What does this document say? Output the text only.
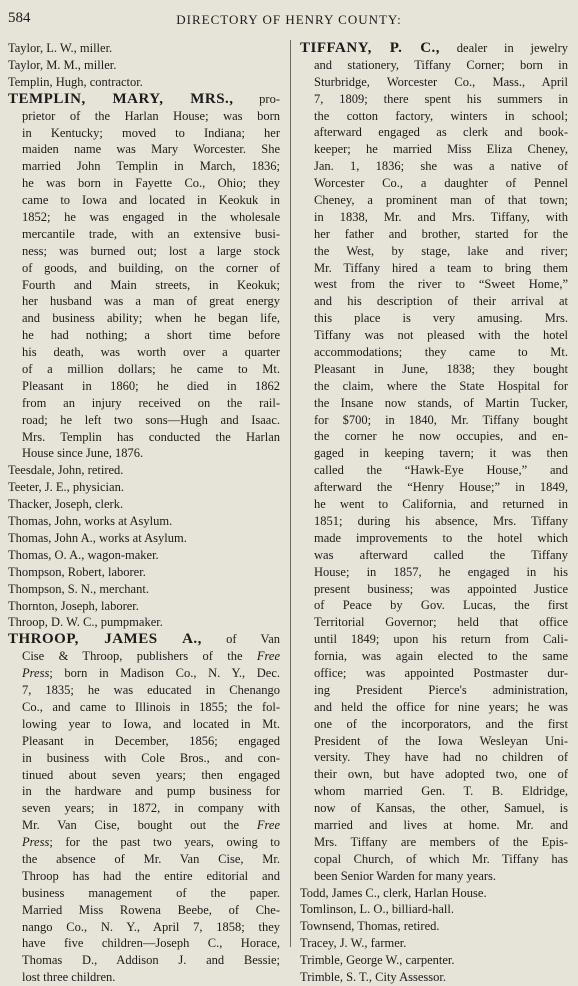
584	DIRECTORY OF HENRY COUNTY:
Taylor, L. W., miller.
Taylor, M. M., miller.
Templin, Hugh, contractor.
TEMPLIN, MARY, MRS., pro-
prietor of the Harlan House; was born
in Kentucky; moved to Indiana; her
maiden name was Mary Worcester. She
married John Templin in March, 1836;
he was born in Fayette Co., Ohio; they
came to Iowa and located in Keokuk in
1852; he was engaged in the wholesale
mercantile trade, with an extensive busi-
ness; was burned out; lost a large stock
of goods, and building, on the corner of
Fourth and Main streets, in Keokuk;
her husband was a man of great energy
and business ability; when he began life,
he had nothing; a short time before
his death, was worth over a quarter
of a million dollars; he came to Mt.
Pleasant in 1860; he died in 1862
from an injury received on the rail-
road; he left two sons—Hugh and Isaac.
Mrs. Templin has conducted the Harlan
House since June, 1876.
Teesdale, John, retired.
Teeter, J. E., physician.
Thacker, Joseph, clerk.
Thomas, John, works at Asylum.
Thomas, John A., works at Asylum.
Thomas, O. A., wagon-maker.
Thompson, Robert, laborer.
Thompson, S. N., merchant.
Thornton, Joseph, laborer.
Throop, D. W. C., pumpmaker.
THROOP, JAMES A., of Van
Cise & Throop, publishers of the Free
Press; born in Madison Co., N. Y., Dec.
7, 1835; he was educated in Chenango
Co., and came to Illinois in 1855; the fol-
lowing year to Iowa, and located in Mt.
Pleasant in December, 1856; engaged
in business with Cole Bros., and con-
tinued about seven years; then engaged
in the hardware and pump business for
seven years; in 1872, in company with
Mr. Van Cise, bought out the Free
Press; for the past two years, owing to
the absence of Mr. Van Cise, Mr.
Throop has had the entire editorial and
business management of the paper.
Married Miss Rowena Beebe, of Che-
nango Co., N. Y., April 7, 1858; they
have five children—Joseph C., Horace,
Thomas D., Addison J. and Bessie;
lost three children.
TIFFANY, P. C., dealer in jewelry
and stationery, Tiffany Corner; born in
Sturbridge, Worcester Co., Mass., April
7, 1809; there spent his summers in
the cotton factory, winters in school;
afterward engaged as clerk and book-
keeper; he married Miss Eliza Cheney,
Jan. 1, 1836; she was a native of
Worcester Co., a daughter of Pennel
Cheney, a prominent man of that town;
in 1838, Mr. and Mrs. Tiffany, with
her father and brother, started for the
the West, by stage, lake and river;
Mr. Tiffany hired a team to bring them
west from the river to “Sweet Home,”
and his description of their arrival at
this place is very amusing. Mrs.
Tiffany was not pleased with the hotel
accommodations; they came to Mt.
Pleasant in June, 1838; they bought
the claim, where the State Hospital for
the Insane now stands, of Martin Tucker,
for $700; in 1840, Mr. Tiffany bought
the corner he now occupies, and en-
gaged in keeping tavern; it was then
called the “Hawk-Eye House,” and
afterward the “Henry House;” in 1849,
he went to California, and returned in
1851; during his absence, Mrs. Tiffany
made improvements to the hotel which
was afterward called the Tiffany
House; in 1857, he engaged in his
present business; was appointed Justice
of Peace by Gov. Lucas, the first
Territorial Governor; held that office
until 1849; upon his return from Cali-
fornia, was again elected to the same
office; was appointed Postmaster dur-
ing President Pierce's administration,
and held the office for nine years; he was
one of the incorporators, and the first
President of the Iowa Wesleyan Uni-
versity. They have had no children of
their own, but have adopted two, one of
whom married Gen. T. B. Eldridge,
now of Kansas, the other, Samuel, is
married and lives at home. Mr. and
Mrs. Tiffany are members of the Epis-
copal Church, of which Mr. Tiffany has
been Senior Warden for many years.
Todd, James C., clerk, Harlan House.
Tomlinson, L. O., billiard-hall.
Townsend, Thomas, retired.
Tracey, J. W., farmer.
Trimble, George W., carpenter.
Trimble, S. T., City Assessor.
